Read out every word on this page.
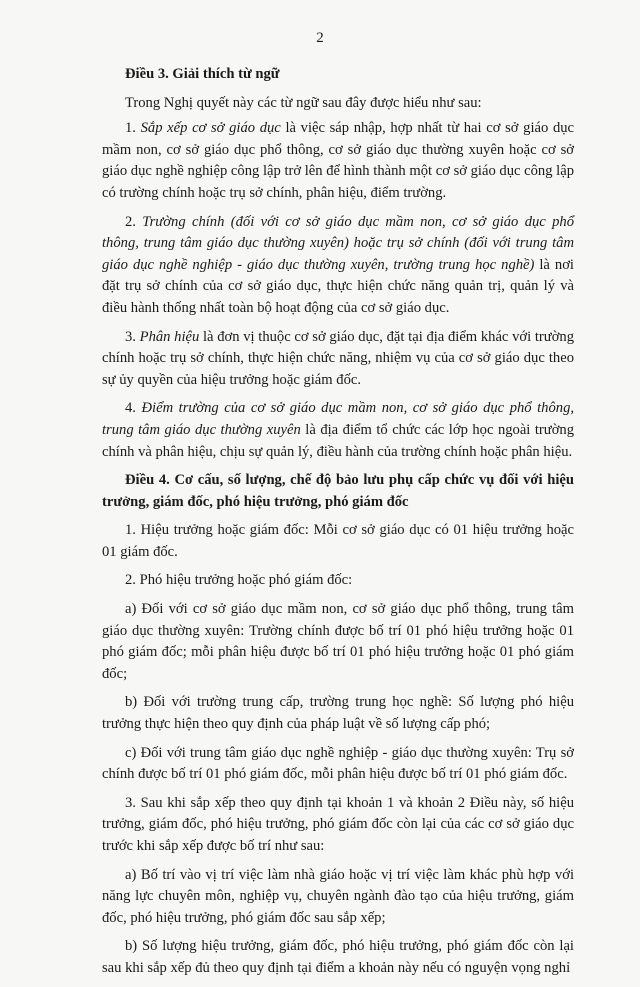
2

Điều 3. Giải thích từ ngữ

Trong Nghị quyết này các từ ngữ sau đây được hiểu như sau:

1. Sắp xếp cơ sở giáo dục là việc sáp nhập, hợp nhất từ hai cơ sở giáo dục mầm non, cơ sở giáo dục phổ thông, cơ sở giáo dục thường xuyên hoặc cơ sở giáo dục nghề nghiệp công lập trở lên để hình thành một cơ sở giáo dục công lập có trường chính hoặc trụ sở chính, phân hiệu, điểm trường.

2. Trường chính (đối với cơ sở giáo dục mầm non, cơ sở giáo dục phổ thông, trung tâm giáo dục thường xuyên) hoặc trụ sở chính (đối với trung tâm giáo dục nghề nghiệp - giáo dục thường xuyên, trường trung học nghề) là nơi đặt trụ sở chính của cơ sở giáo dục, thực hiện chức năng quản trị, quản lý và điều hành thống nhất toàn bộ hoạt động của cơ sở giáo dục.

3. Phân hiệu là đơn vị thuộc cơ sở giáo dục, đặt tại địa điểm khác với trường chính hoặc trụ sở chính, thực hiện chức năng, nhiệm vụ của cơ sở giáo dục theo sự ủy quyền của hiệu trưởng hoặc giám đốc.

4. Điểm trường của cơ sở giáo dục mầm non, cơ sở giáo dục phổ thông, trung tâm giáo dục thường xuyên là địa điểm tổ chức các lớp học ngoài trường chính và phân hiệu, chịu sự quản lý, điều hành của trường chính hoặc phân hiệu.

Điều 4. Cơ cấu, số lượng, chế độ bảo lưu phụ cấp chức vụ đối với hiệu trưởng, giám đốc, phó hiệu trưởng, phó giám đốc

1. Hiệu trưởng hoặc giám đốc: Mỗi cơ sở giáo dục có 01 hiệu trưởng hoặc 01 giám đốc.

2. Phó hiệu trưởng hoặc phó giám đốc:

a) Đối với cơ sở giáo dục mầm non, cơ sở giáo dục phổ thông, trung tâm giáo dục thường xuyên: Trường chính được bố trí 01 phó hiệu trưởng hoặc 01 phó giám đốc; mỗi phân hiệu được bố trí 01 phó hiệu trưởng hoặc 01 phó giám đốc;

b) Đối với trường trung cấp, trường trung học nghề: Số lượng phó hiệu trưởng thực hiện theo quy định của pháp luật về số lượng cấp phó;

c) Đối với trung tâm giáo dục nghề nghiệp - giáo dục thường xuyên: Trụ sở chính được bố trí 01 phó giám đốc, mỗi phân hiệu được bố trí 01 phó giám đốc.

3. Sau khi sắp xếp theo quy định tại khoản 1 và khoản 2 Điều này, số hiệu trưởng, giám đốc, phó hiệu trưởng, phó giám đốc còn lại của các cơ sở giáo dục trước khi sắp xếp được bố trí như sau:

a) Bố trí vào vị trí việc làm nhà giáo hoặc vị trí việc làm khác phù hợp với năng lực chuyên môn, nghiệp vụ, chuyên ngành đào tạo của hiệu trưởng, giám đốc, phó hiệu trưởng, phó giám đốc sau sắp xếp;

b) Số lượng hiệu trưởng, giám đốc, phó hiệu trưởng, phó giám đốc còn lại sau khi sắp xếp đủ theo quy định tại điểm a khoản này nếu có nguyện vọng nghỉ
